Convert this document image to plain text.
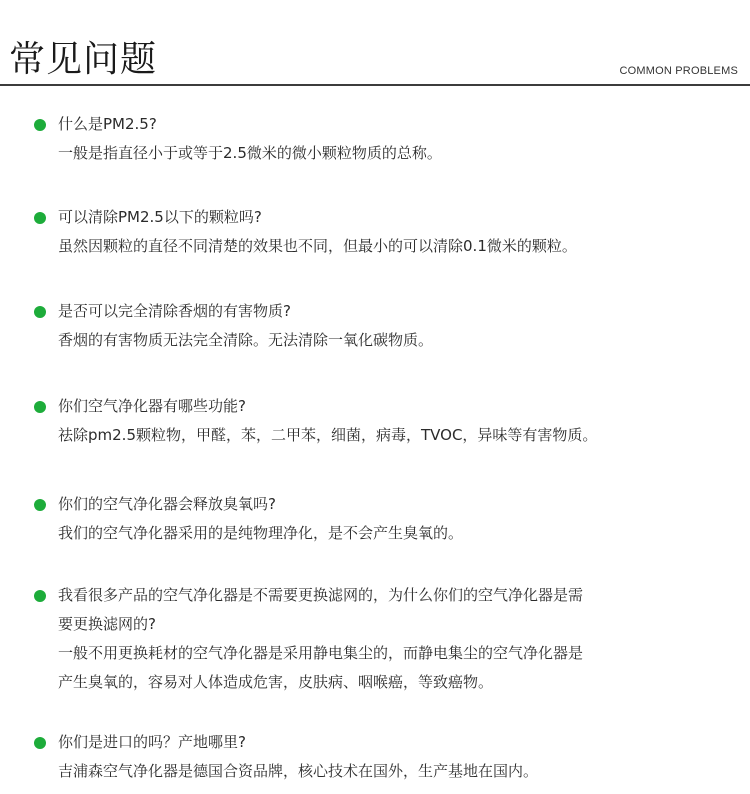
常见问题	COMMON PROBLEMS
什么是PM2.5?
一般是指直径小于或等于2.5微米的微小颗粒物质的总称。
可以清除PM2.5以下的颗粒吗?
虽然因颗粒的直径不同清楚的效果也不同，但最小的可以清除0.1微米的颗粒。
是否可以完全清除香烟的有害物质?
香烟的有害物质无法完全清除。无法清除一氧化碳物质。
你们空气净化器有哪些功能?
祛除pm2.5颗粒物，甲醛，苯，二甲苯，细菌，病毒，TVOC，异味等有害物质。
你们的空气净化器会释放臭氧吗?
我们的空气净化器采用的是纯物理净化，是不会产生臭氧的。
我看很多产品的空气净化器是不需要更换滤网的，为什么你们的空气净化器是需
要更换滤网的?
一般不用更换耗材的空气净化器是采用静电集尘的，而静电集尘的空气净化器是
产生臭氧的，容易对人体造成危害，皮肤病、咽喉癌，等致癌物。
你们是进口的吗？产地哪里?
吉浦森空气净化器是德国合资品牌，核心技术在国外，生产基地在国内。
